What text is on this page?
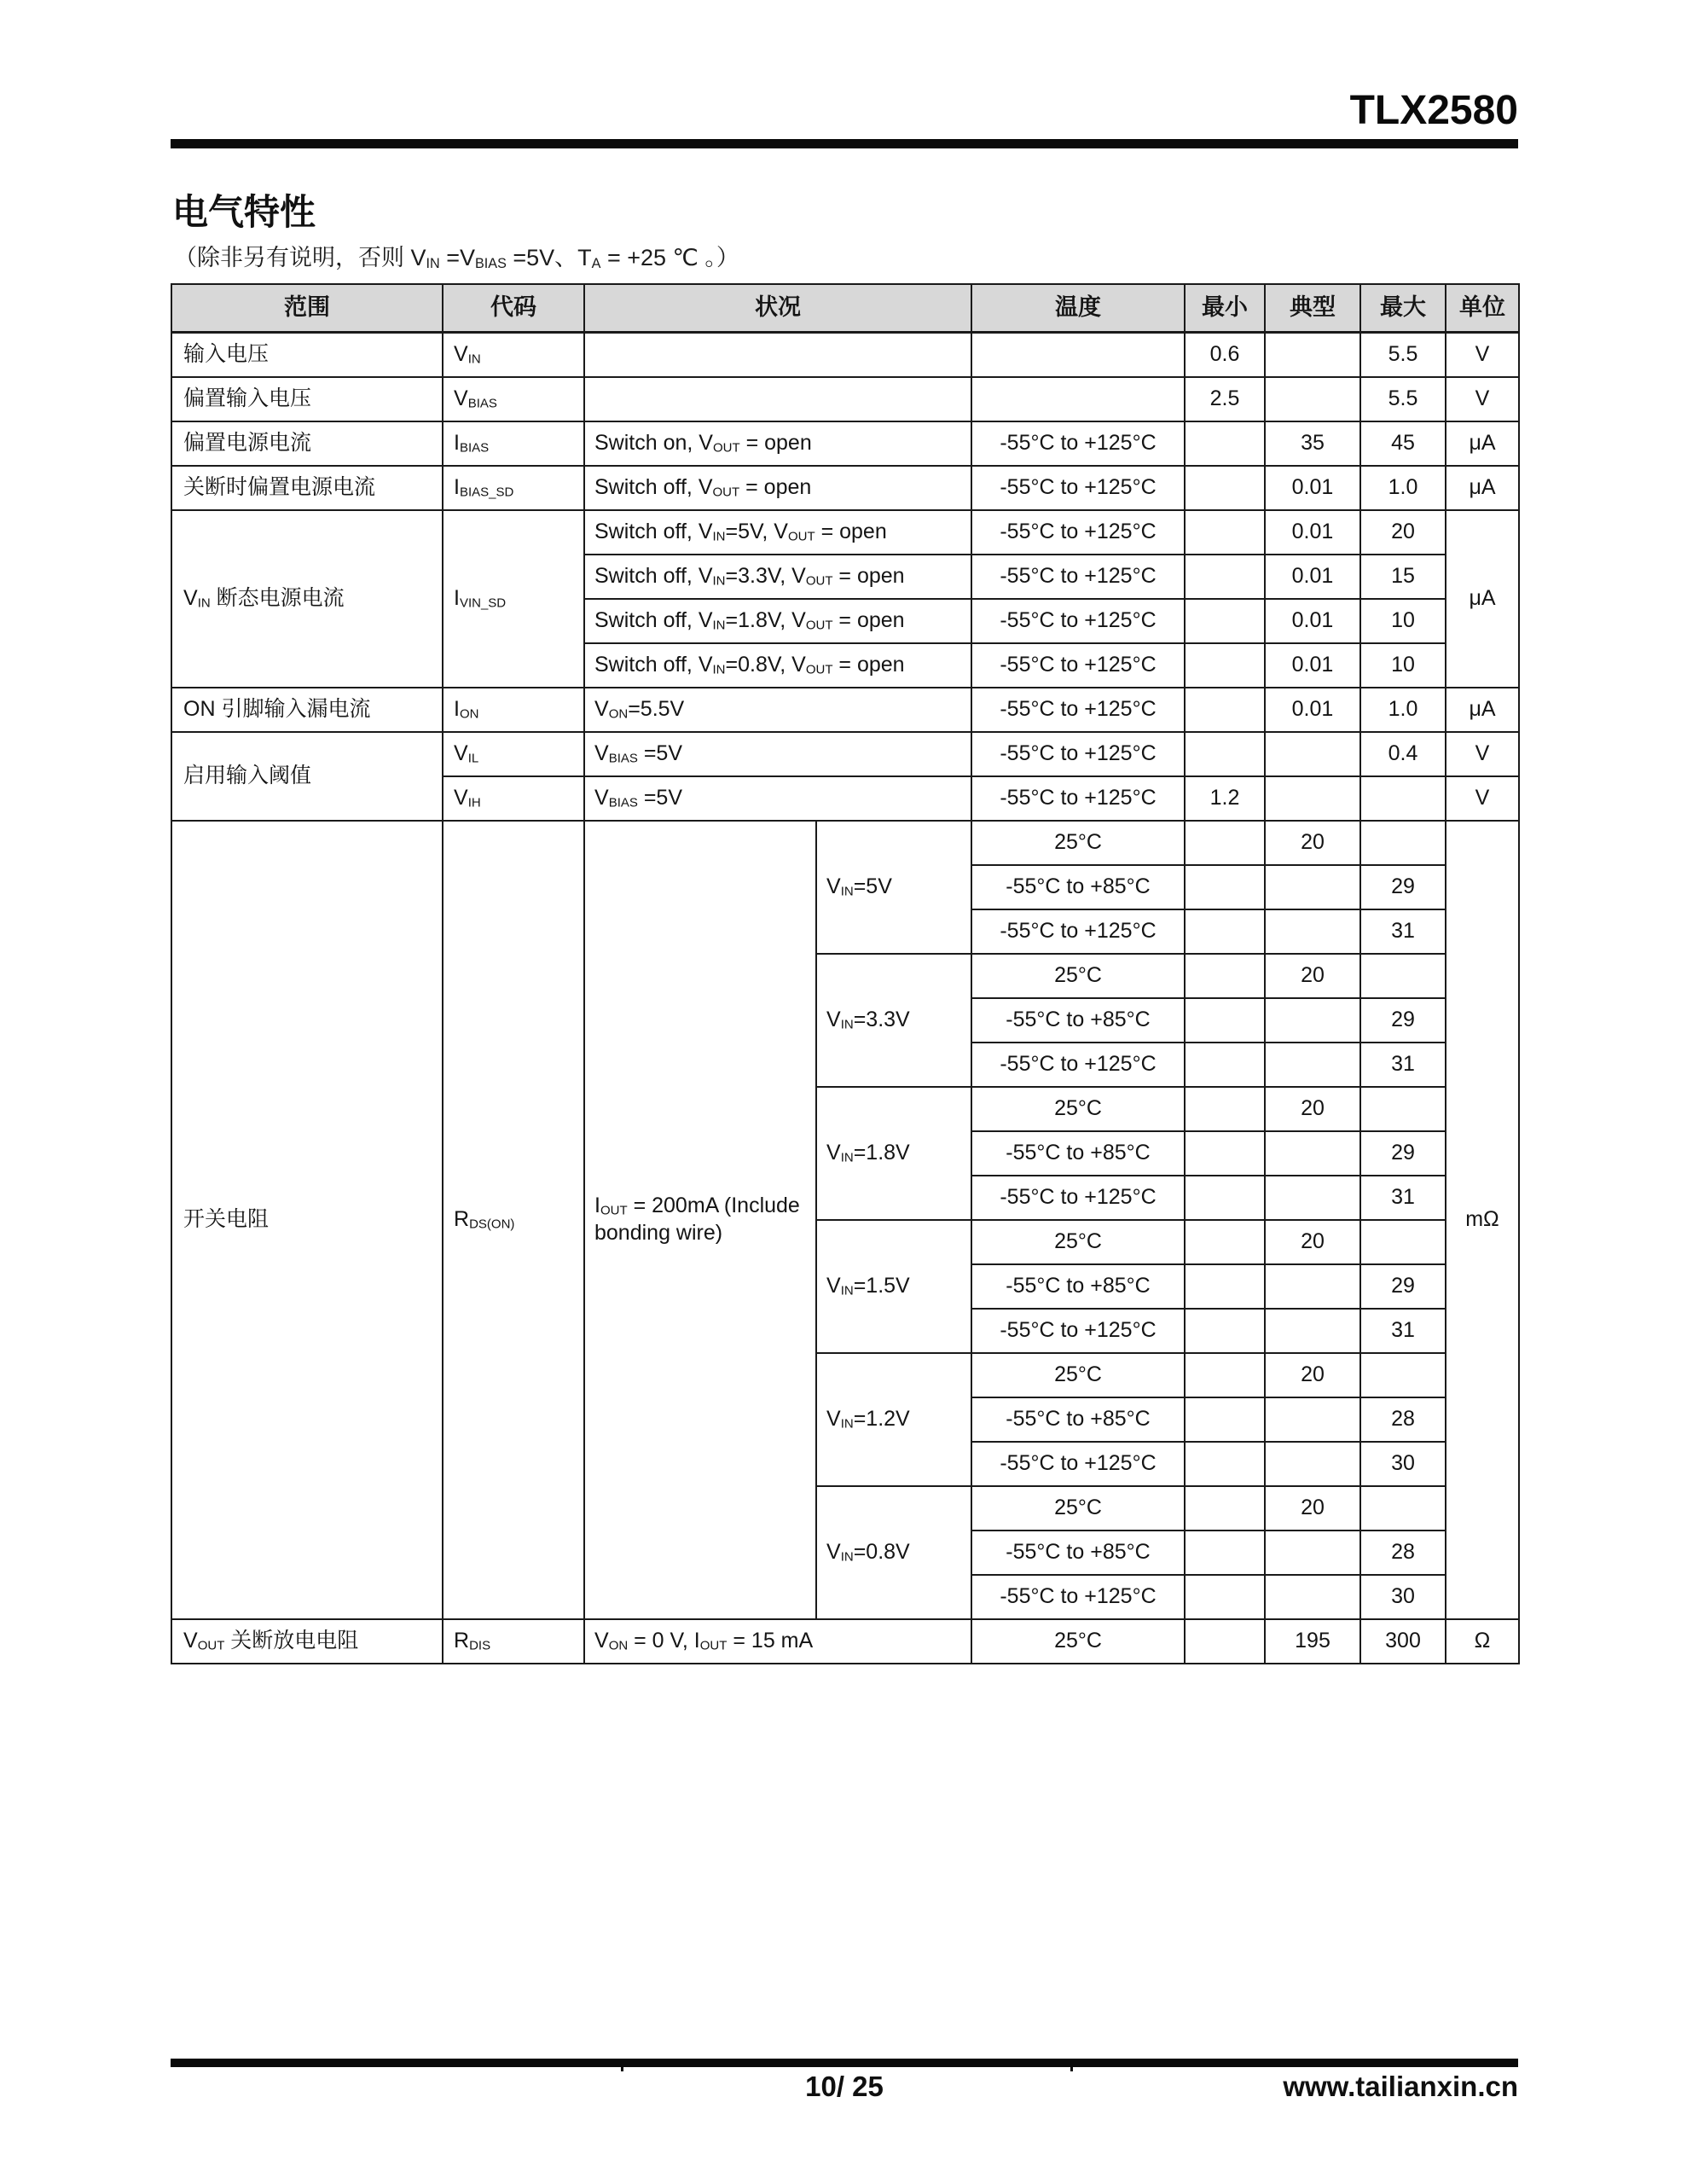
TLX2580
电气特性
（除非另有说明，否则 $V_{IN} =V_{BIAS} =5V$、$T_A = +25$ ℃ 。）
范围	代码	状况		温度	最小	典型	最大	单位
输入电压	$V_{IN}$				0.6		5.5	V
偏置输入电压	$V_{BIAS}$				2.5		5.5	V
偏置电源电流	$I_{BIAS}$	Switch on, $V_{OUT}$ = open		-55°C to +125°C		35	45	μA
关断时偏置电源电流	$I_{BIAS\_SD}$	Switch off, $V_{OUT}$ = open		-55°C to +125°C		0.01	1.0	μA
$V_{IN}$ 断态电源电流	$I_{VIN\_SD}$	Switch off, $V_{IN}=5V$, $V_{OUT}$ = open		-55°C to +125°C		0.01	20	μA
		Switch off, $V_{IN}=3.3V$, $V_{OUT}$ = open		-55°C to +125°C		0.01	15	
		Switch off, $V_{IN}=1.8V$, $V_{OUT}$ = open		-55°C to +125°C		0.01	10	
		Switch off, $V_{IN}=0.8V$, $V_{OUT}$ = open		-55°C to +125°C		0.01	10	
ON 引脚输入漏电流	$I_{ON}$	$V_{ON}=5.5V$		-55°C to +125°C		0.01	1.0	μA
启用输入阈值	$V_{IL}$	$V_{BIAS} =5V$		-55°C to +125°C			0.4	V
	$V_{IH}$	$V_{BIAS} =5V$		-55°C to +125°C	1.2			V
开关电阻	$R_{DS(ON)}$	$I_{OUT} = 200mA$ (Include bonding wire)	$V_{IN}=5V$	25°C		20		mΩ
				-55°C to +85°C			29	
				-55°C to +125°C			31	
			$V_{IN}=3.3V$	25°C		20		
				-55°C to +85°C			29	
				-55°C to +125°C			31	
			$V_{IN}=1.8V$	25°C		20		
				-55°C to +85°C			29	
				-55°C to +125°C			31	
			$V_{IN}=1.5V$	25°C		20		
				-55°C to +85°C			29	
				-55°C to +125°C			31	
			$V_{IN}=1.2V$	25°C		20		
				-55°C to +85°C			28	
				-55°C to +125°C			30	
			$V_{IN}=0.8V$	25°C		20		
				-55°C to +85°C			28	
				-55°C to +125°C			30	
$V_{OUT}$ 关断放电电阻	$R_{DIS}$	$V_{ON} = 0$ V, $I_{OUT} = 15$ mA		25°C		195	300	Ω
10/ 25	www.tailianxin.cn
